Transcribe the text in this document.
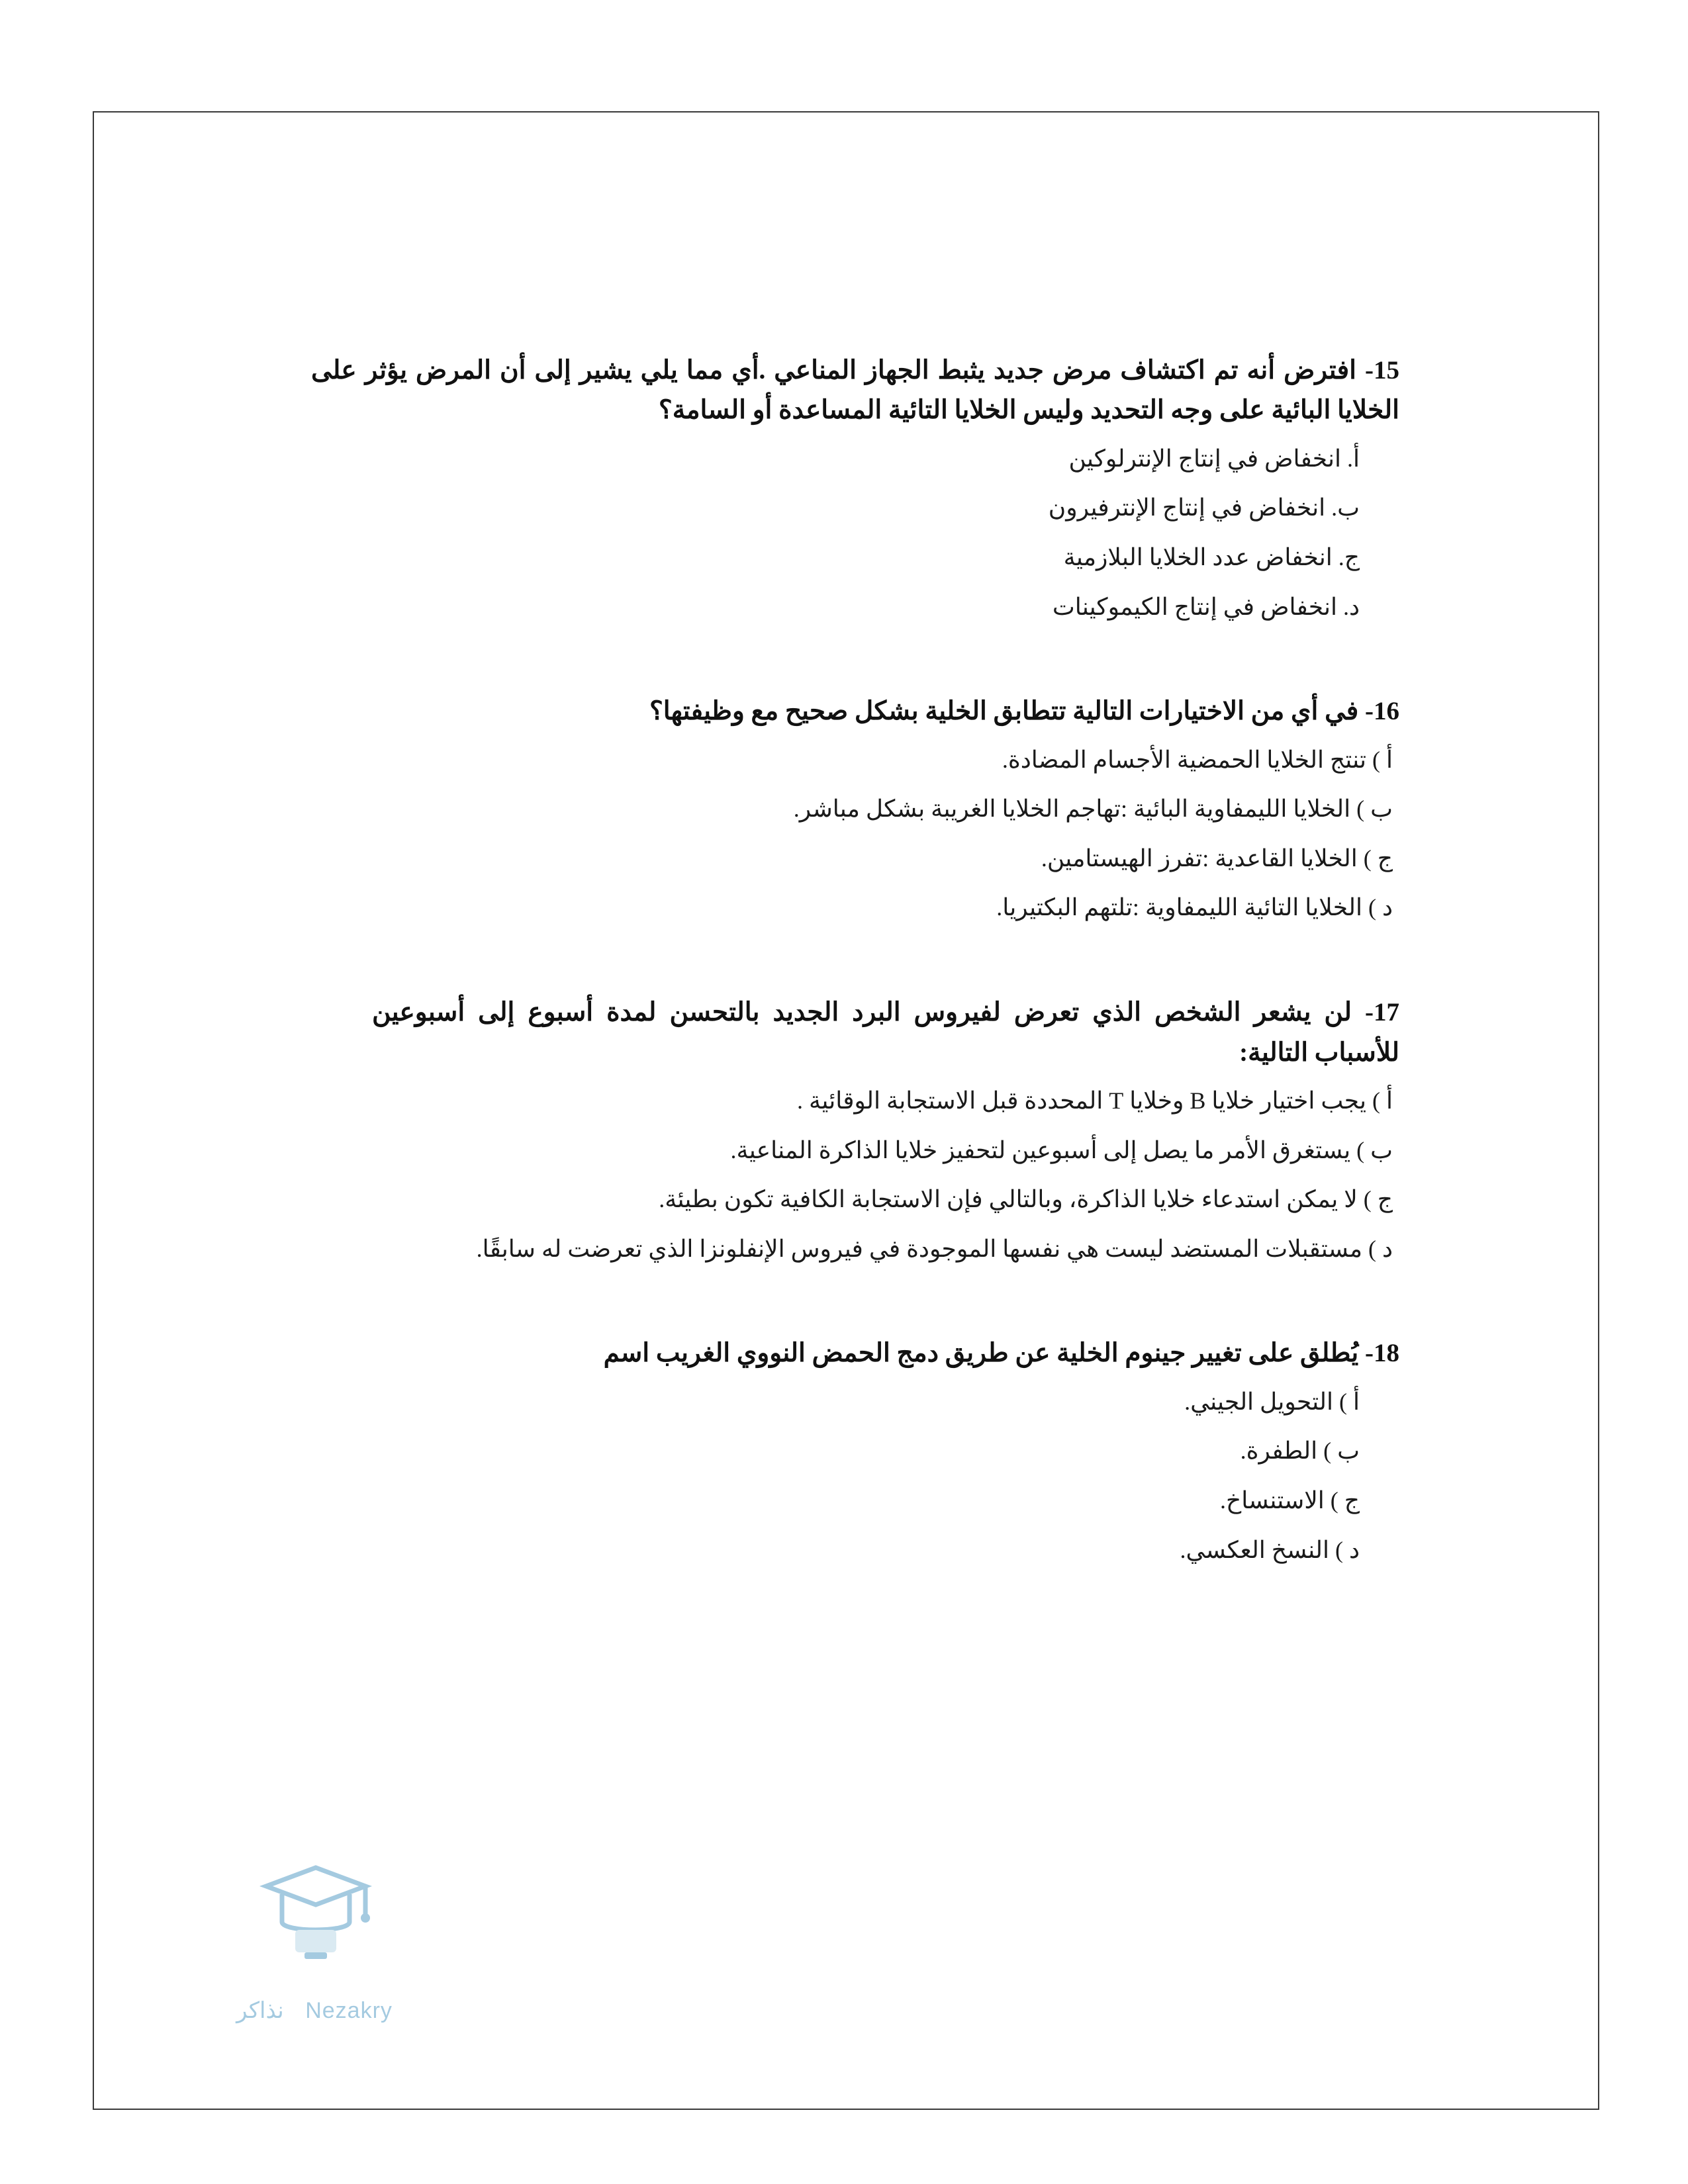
15- افترض أنه تم اكتشاف مرض جديد يثبط الجهاز المناعي .أي مما يلي يشير إلى أن المرض يؤثر على الخلايا البائية على وجه التحديد وليس الخلايا التائية المساعدة أو السامة؟

أ. انخفاض في إنتاج الإنترلوكين
ب. انخفاض في إنتاج الإنترفيرون
ج. انخفاض عدد الخلايا البلازمية
د. انخفاض في إنتاج الكيموكينات

16- في أي من الاختيارات التالية تتطابق الخلية بشكل صحيح مع وظيفتها؟

أ ) تنتج الخلايا الحمضية الأجسام المضادة.
ب ) الخلايا الليمفاوية البائية :تهاجم الخلايا الغريبة بشكل مباشر.
ج ) الخلايا القاعدية :تفرز الهيستامين.
د ) الخلايا التائية الليمفاوية :تلتهم البكتيريا.

17- لن يشعر الشخص الذي تعرض لفيروس البرد الجديد بالتحسن لمدة أسبوع إلى أسبوعين للأسباب التالية:

أ ) يجب اختيار خلايا B وخلايا T المحددة قبل الاستجابة الوقائية .
ب ) يستغرق الأمر ما يصل إلى أسبوعين لتحفيز خلايا الذاكرة المناعية.
ج ) لا يمكن استدعاء خلايا الذاكرة، وبالتالي فإن الاستجابة الكافية تكون بطيئة.
د ) مستقبلات المستضد ليست هي نفسها الموجودة في فيروس الإنفلونزا الذي تعرضت له سابقًا.

18- يُطلق على تغيير جينوم الخلية عن طريق دمج الحمض النووي الغريب اسم

أ ) التحويل الجيني.
ب ) الطفرة.
ج ) الاستنساخ.
د ) النسخ العكسي.
Nezakry نذاكر
